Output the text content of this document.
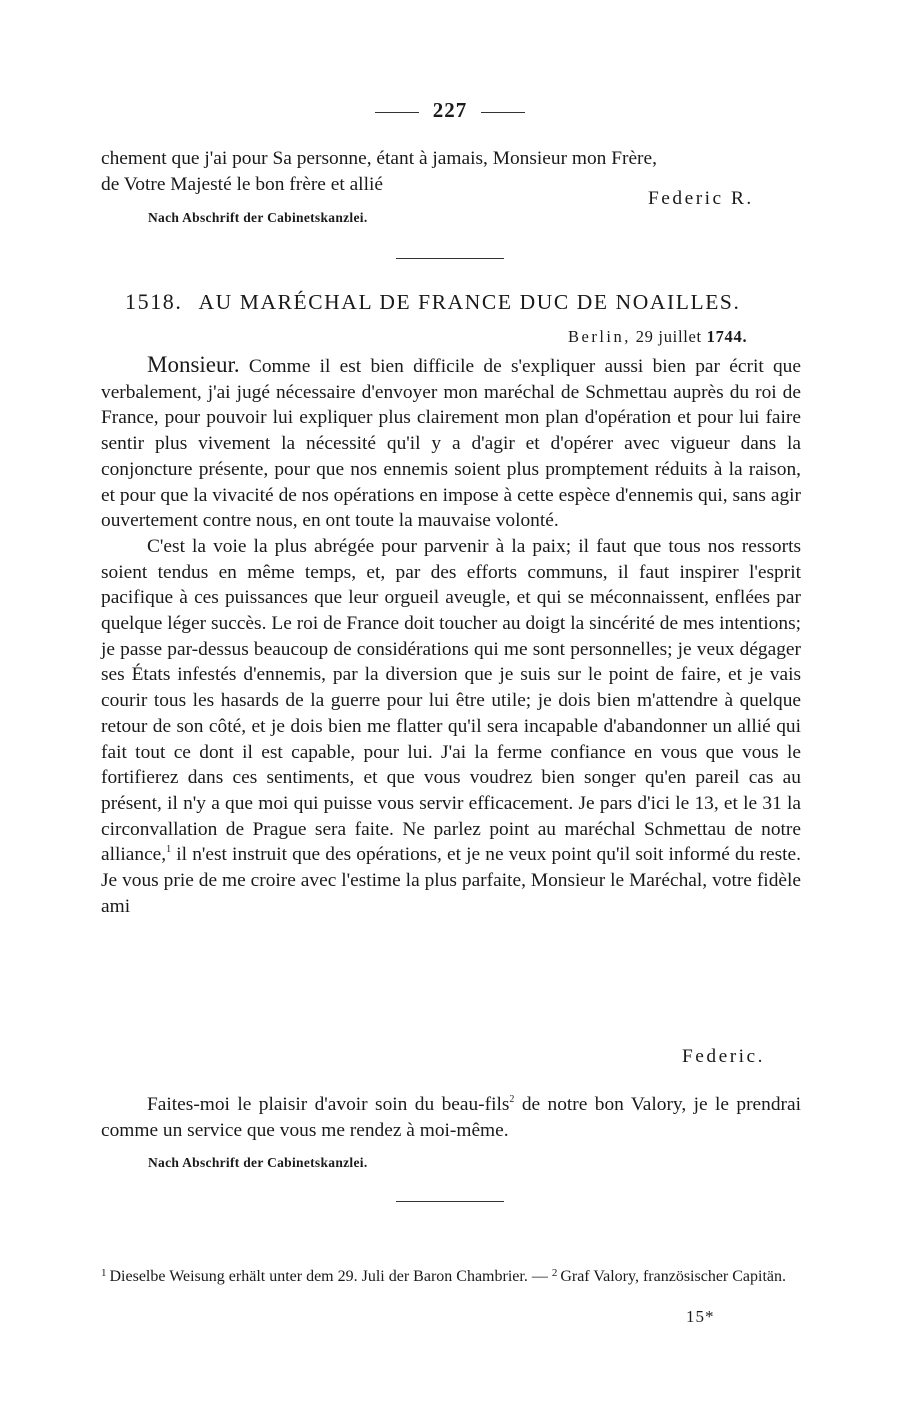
227

chement que j'ai pour Sa personne, étant à jamais, Monsieur mon Frère,

de Votre Majesté le bon frère et allié

Federic R.
Nach Abschrift der Cabinetskanzlei.
1518. AU MARÉCHAL DE FRANCE DUC DE NOAILLES.
Berlin, 29 juillet 1744.

Monsieur. Comme il est bien difficile de s'expliquer aussi bien par écrit que verbalement, j'ai jugé nécessaire d'envoyer mon maréchal de Schmettau auprès du roi de France, pour pouvoir lui expliquer plus clairement mon plan d'opération et pour lui faire sentir plus vivement la nécessité qu'il y a d'agir et d'opérer avec vigueur dans la conjoncture présente, pour que nos ennemis soient plus promptement réduits à la raison, et pour que la vivacité de nos opérations en impose à cette espèce d'ennemis qui, sans agir ouvertement contre nous, en ont toute la mauvaise volonté.

C'est la voie la plus abrégée pour parvenir à la paix; il faut que tous nos ressorts soient tendus en même temps, et, par des efforts communs, il faut inspirer l'esprit pacifique à ces puissances que leur orgueil aveugle, et qui se méconnaissent, enflées par quelque léger succès. Le roi de France doit toucher au doigt la sincérité de mes intentions; je passe par-dessus beaucoup de considérations qui me sont personnelles; je veux dégager ses États infestés d'ennemis, par la diversion que je suis sur le point de faire, et je vais courir tous les hasards de la guerre pour lui être utile; je dois bien m'attendre à quelque retour de son côté, et je dois bien me flatter qu'il sera incapable d'abandonner un allié qui fait tout ce dont il est capable, pour lui. J'ai la ferme confiance en vous que vous le fortifierez dans ces sentiments, et que vous voudrez bien songer qu'en pareil cas au présent, il n'y a que moi qui puisse vous servir efficacement. Je pars d'ici le 13, et le 31 la circonvallation de Prague sera faite. Ne parlez point au maréchal Schmettau de notre alliance,$^1$ il n'est instruit que des opérations, et je ne veux point qu'il soit informé du reste. Je vous prie de me croire avec l'estime la plus parfaite, Monsieur le Maréchal, votre fidèle ami

Federic.

Faites-moi le plaisir d'avoir soin du beau-fils$^2$ de notre bon Valory, je le prendrai comme un service que vous me rendez à moi-même.

Nach Abschrift der Cabinetskanzlei.
$^1$ Dieselbe Weisung erhält unter dem 29. Juli der Baron Chambrier. — $^2$ Graf Valory, französischer Capitän.
15*
